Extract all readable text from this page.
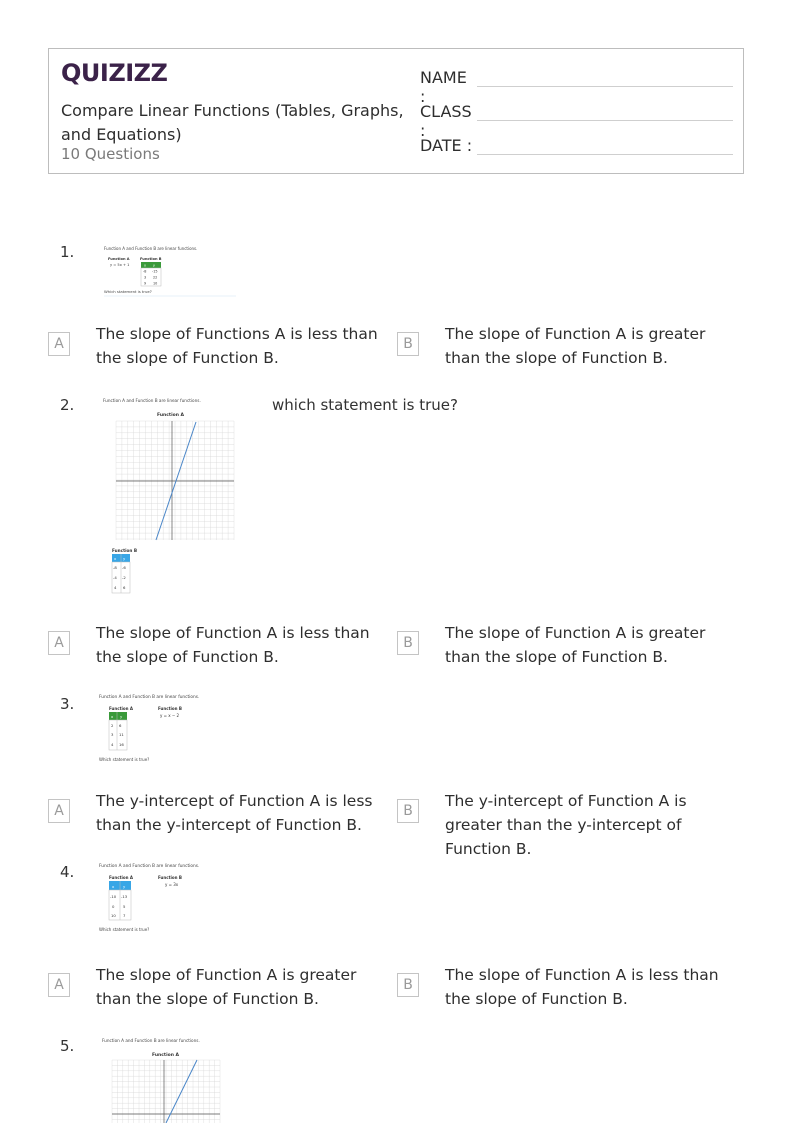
QUIZIZZ
Compare Linear Functions (Tables, Graphs, and Equations)
10 Questions
NAME :
CLASS :
DATE :
1.	Function A and Function B are linear functions.
Function A
y = 5x + 1
Function B
x y
-8 -15
3 22
9 10
Which statement is true?
A
The slope of Functions A is less than the slope of Function B.
B
The slope of Function A is greater than the slope of Function B.
2.	which statement is true?
Function A and Function B are linear functions.
Function A
Function B
x y
-8 -6
-4 -2
4 6
A
The slope of Function A is less than the slope of Function B.
B
The slope of Function A is greater than the slope of Function B.
3.	Function A and Function B are linear functions.
Function A	Function B
y = x − 2
x y
2 6
3 11
4 16
Which statement is true?
A
The y-intercept of Function A is less than the y-intercept of Function B.
B
The y-intercept of Function A is greater than the y-intercept of Function B.
4.	Function A and Function B are linear functions.
Function A	Function B
y = 3x
x y
-10 -13
0 5
10 7
Which statement is true?
A
The slope of Function A is greater than the slope of Function B.
B
The slope of Function A is less than the slope of Function B.
5.	Function A and Function B are linear functions.
Function A
